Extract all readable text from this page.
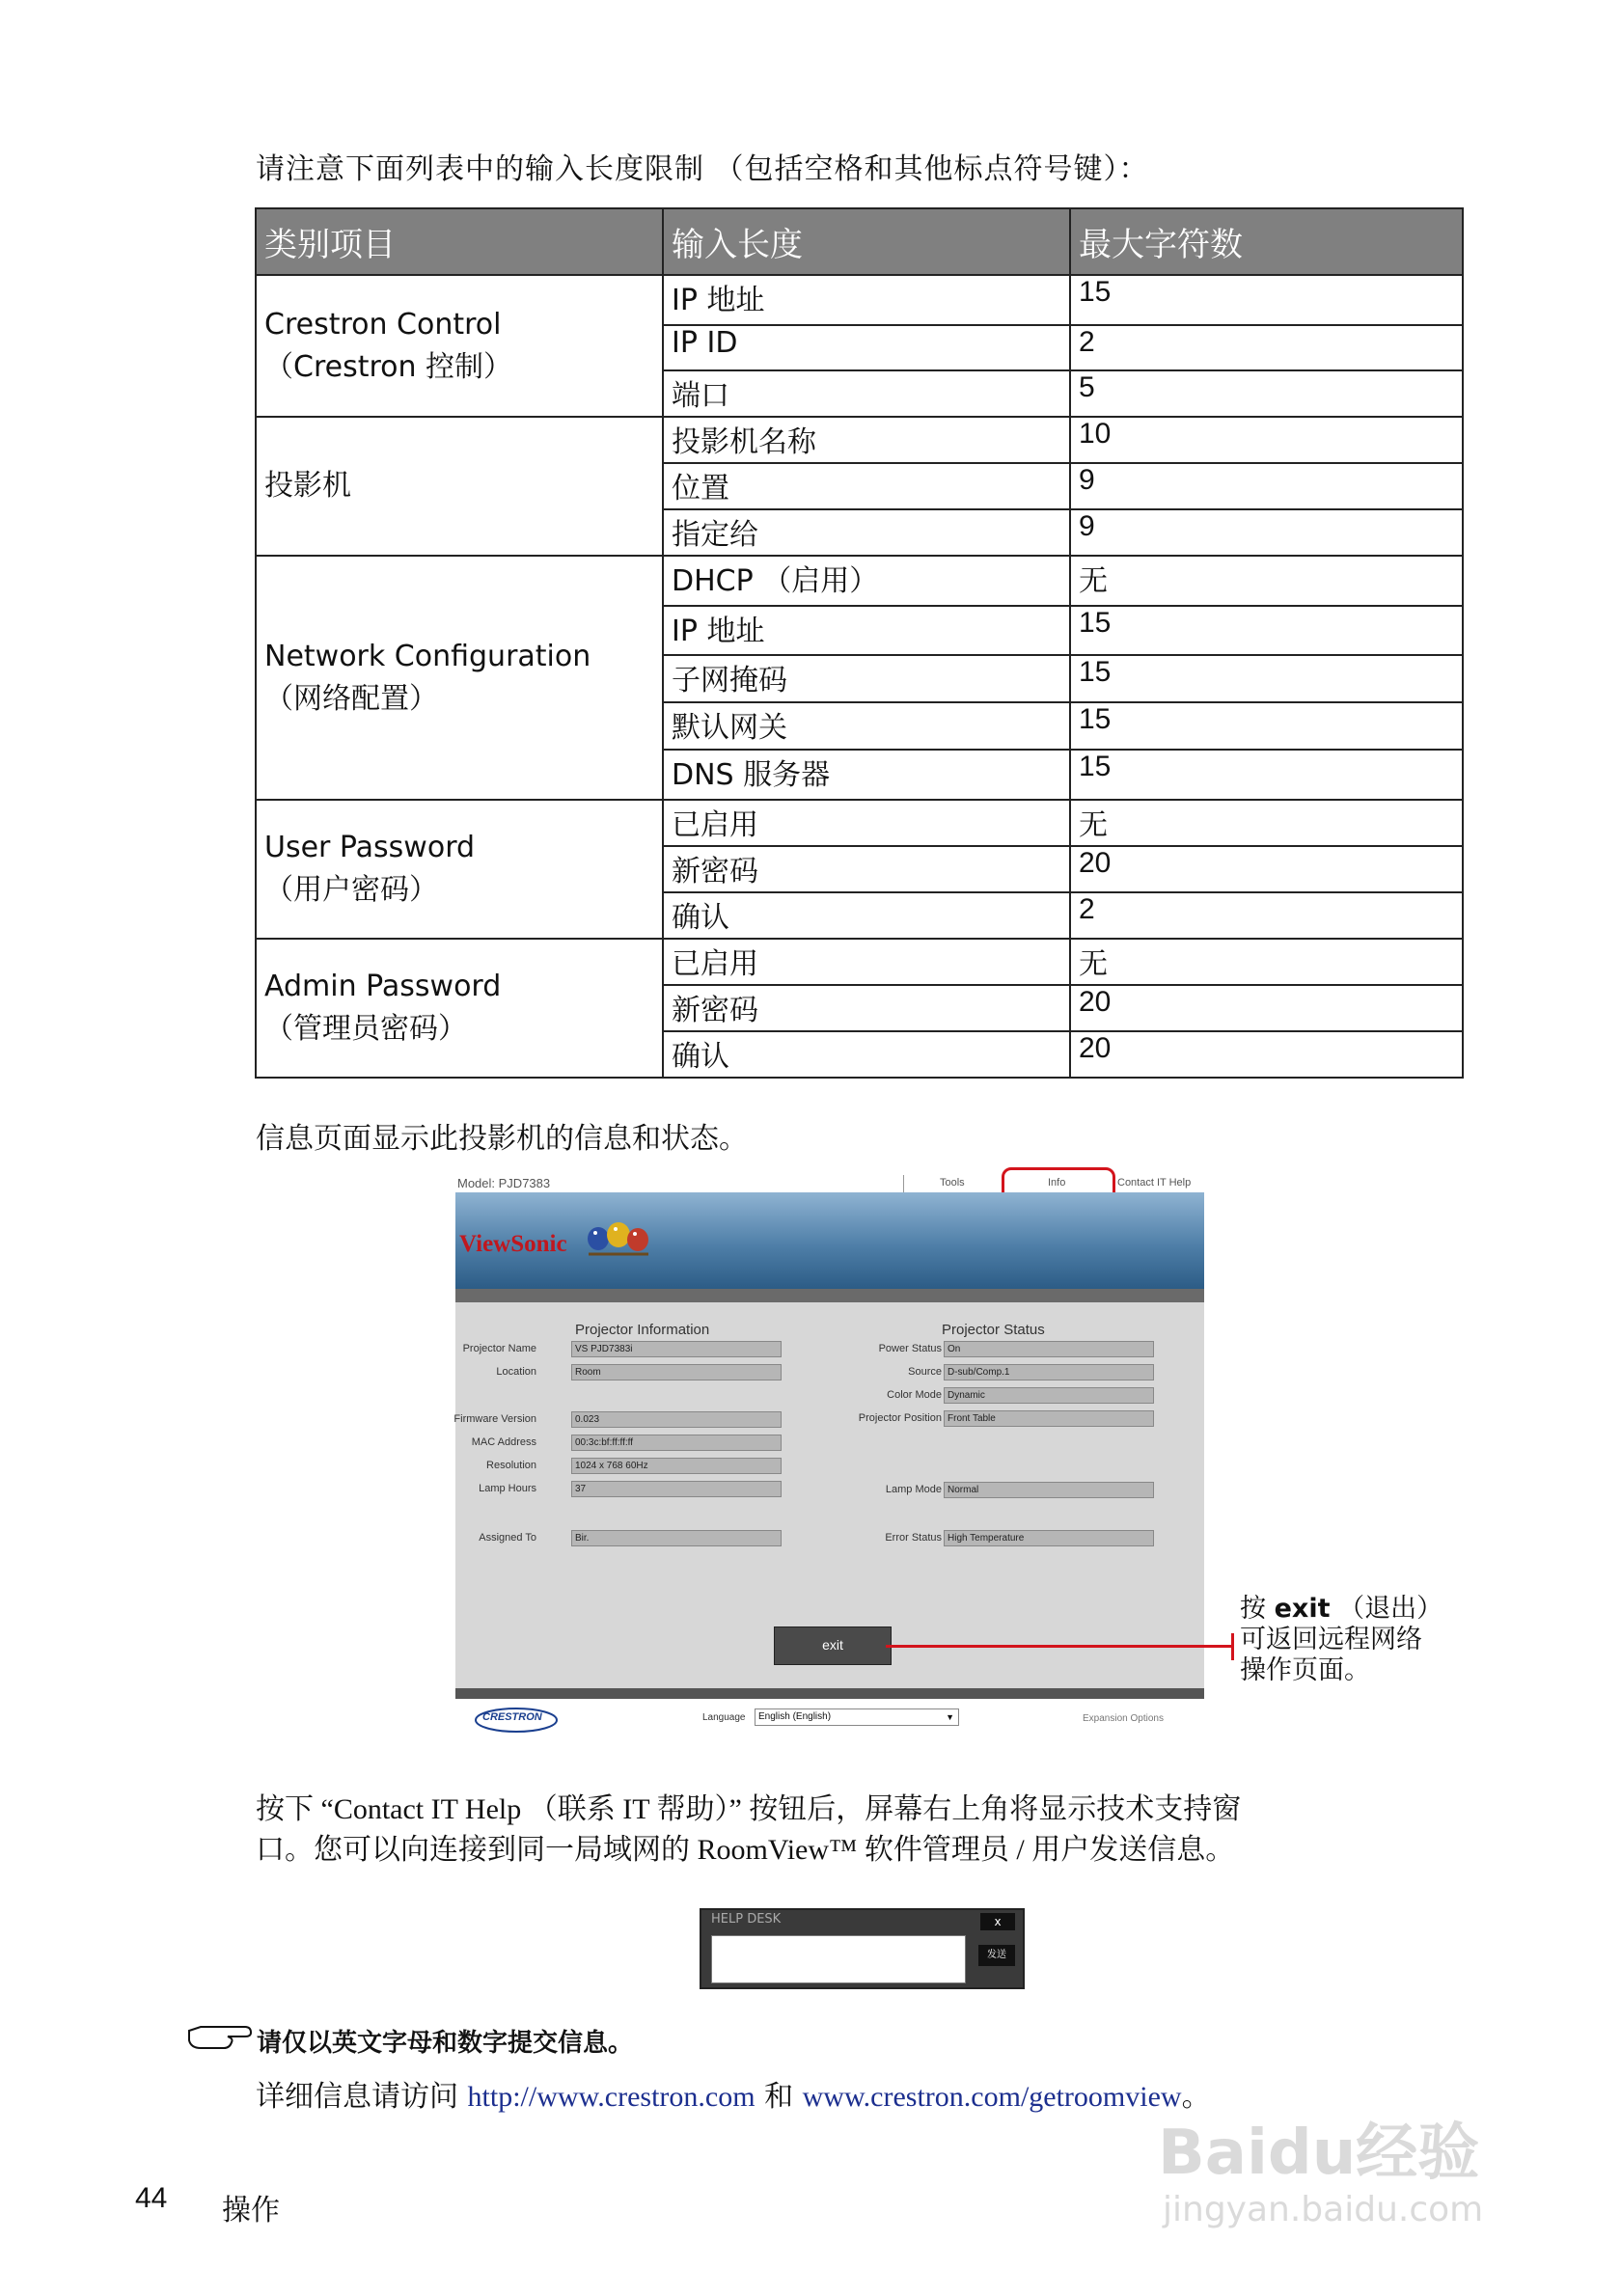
请注意下面列表中的输入长度限制 （包括空格和其他标点符号键）：
类别项目	输入长度	最大字符数

Crestron Control
（Crestron 控制）	IP 地址	15
	IP ID	2
	端口	5

投影机	投影机名称	10
	位置	9
	指定给	9

Network Configuration
（网络配置）	DHCP （启用）	无
	IP 地址	15
	子网掩码	15
	默认网关	15
	DNS 服务器	15

User Password
（用户密码）	已启用	无
	新密码	20
	确认	2

Admin Password
（管理员密码）	已启用	无
	新密码	20
	确认	20
信息页面显示此投影机的信息和状态。
Model: PJD7383	Tools	Info	Contact IT Help
ViewSonic
Projector Information	Projector Status
Projector Name	VS PJD7383i
Location	Room
Firmware Version	0.023
MAC Address	00:3c:bf:ff:ff:ff
Resolution	1024 x 768 60Hz
Lamp Hours	37
Assigned To	Bir.
Power Status On
Source D-sub/Comp.1
Color Mode Dynamic
Projector Position Front Table
Lamp Mode Normal
Error Status High Temperature
exit
CRESTRON	Language	English (English)	▼	Expansion Options
按 exit （退出）
可返回远程网络
操作页面。
按下 “Contact IT Help （联系 IT 帮助）” 按钮后，屏幕右上角将显示技术支持窗
口。您可以向连接到同一局域网的 RoomView™ 软件管理员 / 用户发送信息。
HELP DESK	x
发送
请仅以英文字母和数字提交信息。
详细信息请访问 http://www.crestron.com 和 www.crestron.com/getroomview。
44 操作
Baidu经验
jingyan.baidu.com
